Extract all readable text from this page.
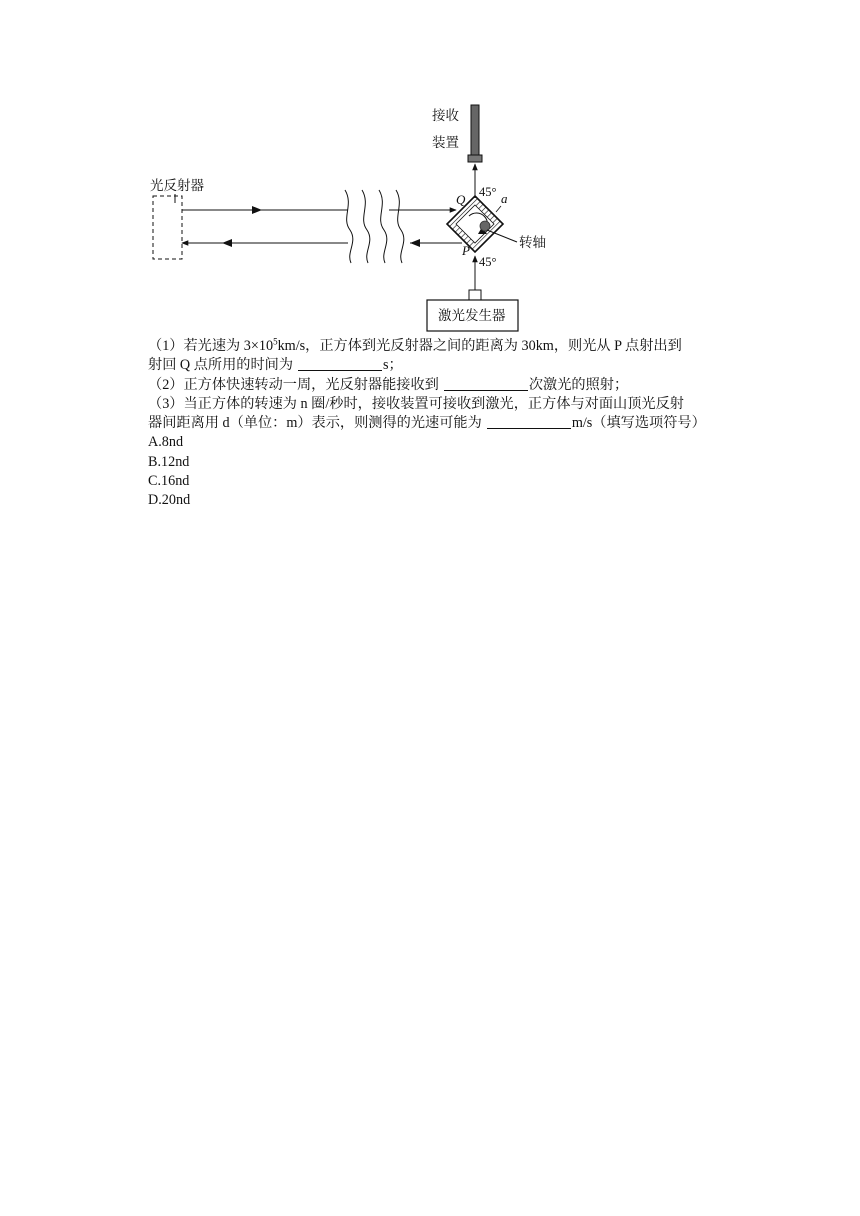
接收
装置
光反射器
转轴
Q
P
a
45°
45°
激光发生器

（1）若光速为 $3\times 10^5km/s$，正方体到光反射器之间的距离为 30km，则光从 P 点射出到
射回 Q 点所用的时间为	s；

（2）正方体快速转动一周，光反射器能接收到	次激光的照射；

（3）当正方体的转速为 n 圈/秒时，接收装置可接收到激光，正方体与对面山顶光反射
器间距离用 d（单位：m）表示，则测得的光速可能为	m/s（填写选项符号）

A.8nd

B.12nd

C.16nd

D.20nd
